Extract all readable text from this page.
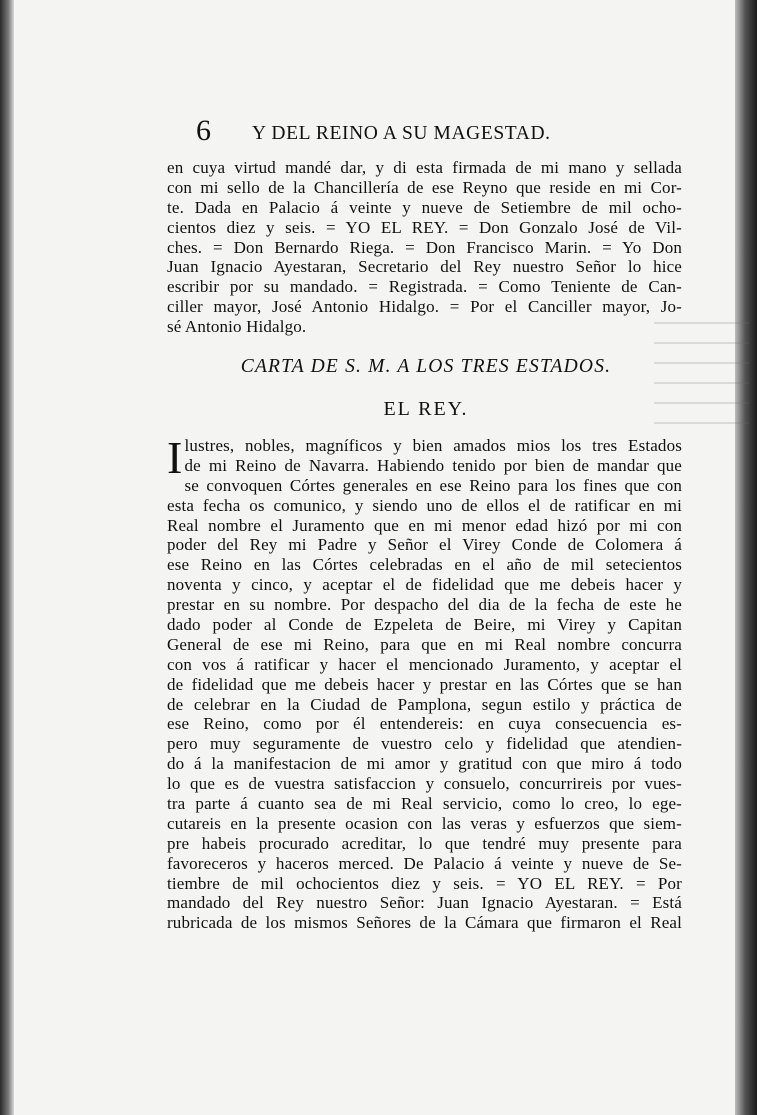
6 Y DEL REINO A SU MAGESTAD.
en cuya virtud mandé dar, y di esta firmada de mi mano y sellada
con mi sello de la Chancillería de ese Reyno que reside en mi Cor-
te. Dada en Palacio á veinte y nueve de Setiembre de mil ocho-
cientos diez y seis. = YO EL REY. = Don Gonzalo José de Vil-
ches. = Don Bernardo Riega. = Don Francisco Marin. = Yo Don
Juan Ignacio Ayestaran, Secretario del Rey nuestro Señor lo hice
escribir por su mandado. = Registrada. = Como Teniente de Can-
ciller mayor, José Antonio Hidalgo. = Por el Canciller mayor, Jo-
sé Antonio Hidalgo.
CARTA DE S. M. A LOS TRES ESTADOS.
EL REY.
I lustres, nobles, magníficos y bien amados mios los tres Estados
de mi Reino de Navarra. Habiendo tenido por bien de mandar que
se convoquen Córtes generales en ese Reino para los fines que con
esta fecha os comunico, y siendo uno de ellos el de ratificar en mi
Real nombre el Juramento que en mi menor edad hizó por mi con
poder del Rey mi Padre y Señor el Virey Conde de Colomera á
ese Reino en las Córtes celebradas en el año de mil setecientos
noventa y cinco, y aceptar el de fidelidad que me debeis hacer y
prestar en su nombre. Por despacho del dia de la fecha de este he
dado poder al Conde de Ezpeleta de Beire, mi Virey y Capitan
General de ese mi Reino, para que en mi Real nombre concurra
con vos á ratificar y hacer el mencionado Juramento, y aceptar el
de fidelidad que me debeis hacer y prestar en las Córtes que se han
de celebrar en la Ciudad de Pamplona, segun estilo y práctica de
ese Reino, como por él entendereis: en cuya consecuencia es-
pero muy seguramente de vuestro celo y fidelidad que atendien-
do á la manifestacion de mi amor y gratitud con que miro á todo
lo que es de vuestra satisfaccion y consuelo, concurrireis por vues-
tra parte á cuanto sea de mi Real servicio, como lo creo, lo ege-
cutareis en la presente ocasion con las veras y esfuerzos que siem-
pre habeis procurado acreditar, lo que tendré muy presente para
favoreceros y haceros merced. De Palacio á veinte y nueve de Se-
tiembre de mil ochocientos diez y seis. = YO EL REY. = Por
mandado del Rey nuestro Señor: Juan Ignacio Ayestaran. = Está
rubricada de los mismos Señores de la Cámara que firmaron el Real
